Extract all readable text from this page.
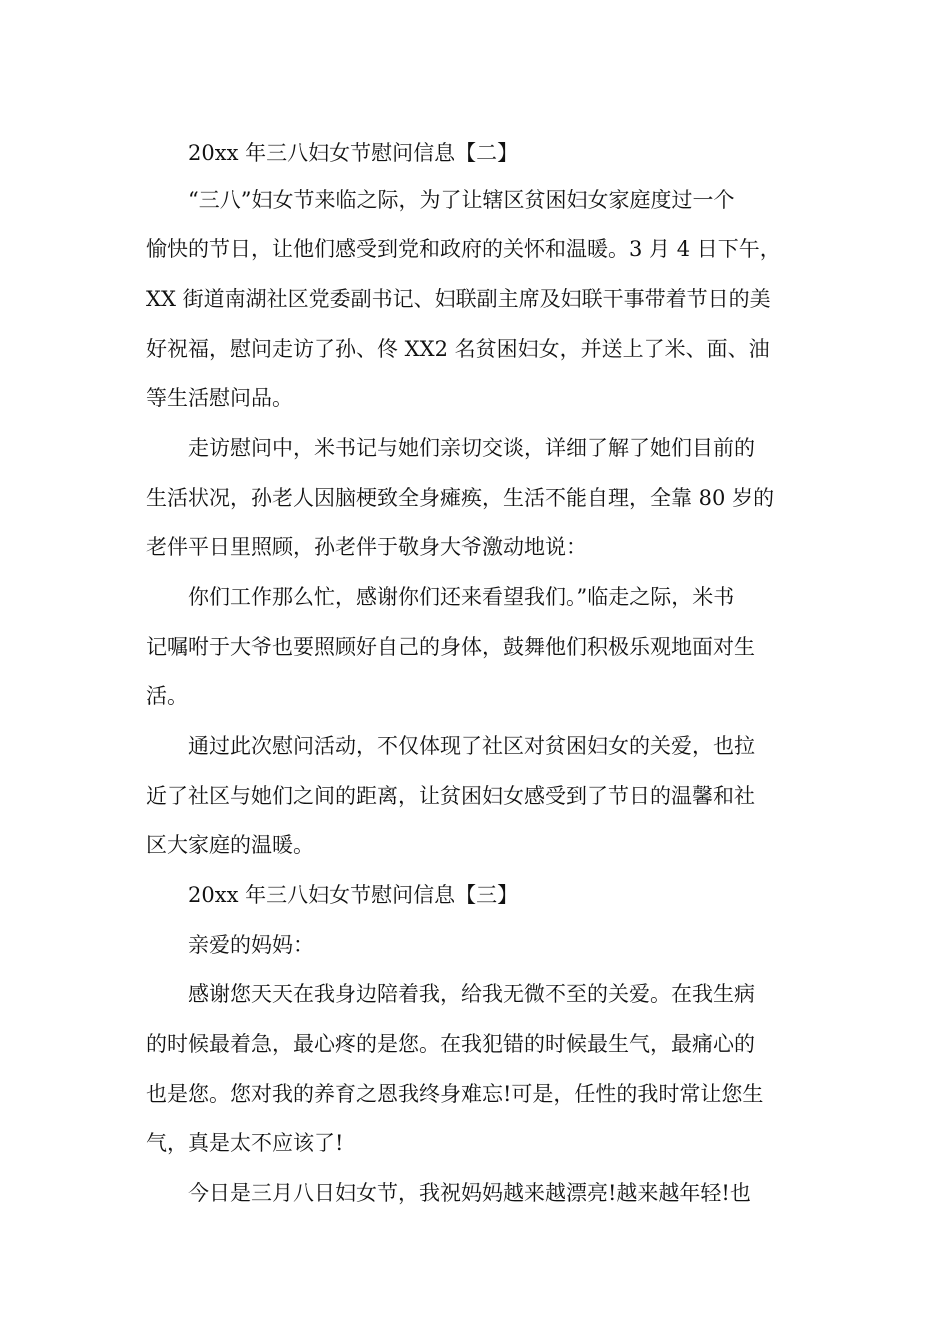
20xx 年三八妇女节慰问信息【二】

“三八”妇女节来临之际，为了让辖区贫困妇女家庭度过一个

愉快的节日，让他们感受到党和政府的关怀和温暖。3 月 4 日下午，

XX 街道南湖社区党委副书记、妇联副主席及妇联干事带着节日的美

好祝福，慰问走访了孙、佟 XX2 名贫困妇女，并送上了米、面、油

等生活慰问品。

走访慰问中，米书记与她们亲切交谈，详细了解了她们目前的

生活状况，孙老人因脑梗致全身瘫痪，生活不能自理，全靠 80 岁的

老伴平日里照顾，孙老伴于敬身大爷激动地说：

你们工作那么忙，感谢你们还来看望我们。”临走之际，米书

记嘱咐于大爷也要照顾好自己的身体，鼓舞他们积极乐观地面对生

活。

通过此次慰问活动，不仅体现了社区对贫困妇女的关爱，也拉

近了社区与她们之间的距离，让贫困妇女感受到了节日的温馨和社

区大家庭的温暖。

20xx 年三八妇女节慰问信息【三】

亲爱的妈妈：

感谢您天天在我身边陪着我，给我无微不至的关爱。在我生病

的时候最着急，最心疼的是您。在我犯错的时候最生气，最痛心的

也是您。您对我的养育之恩我终身难忘!可是，任性的我时常让您生

气，真是太不应该了!

今日是三月八日妇女节，我祝妈妈越来越漂亮!越来越年轻!也
